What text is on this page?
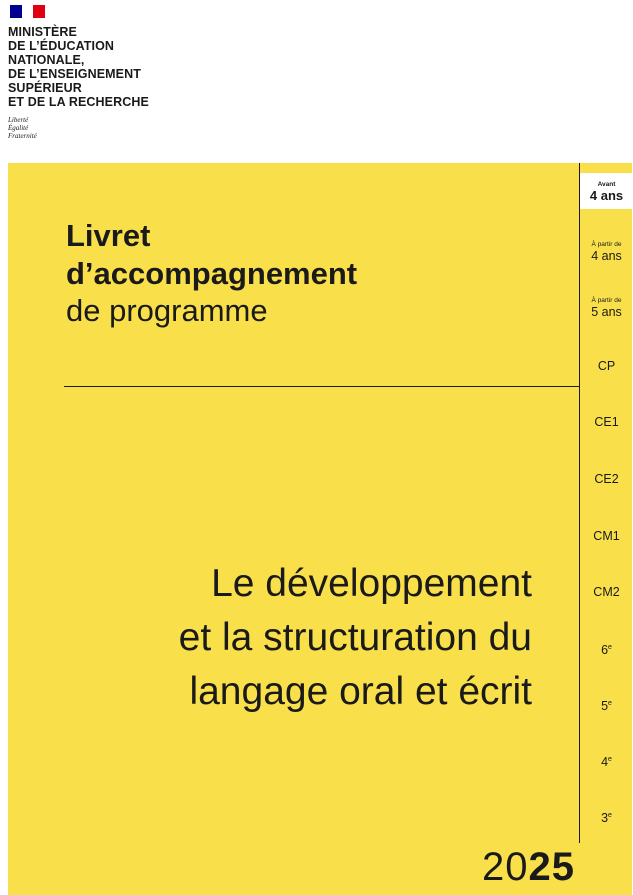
MINISTÈRE
DE L’ÉDUCATION
NATIONALE,
DE L’ENSEIGNEMENT
SUPÉRIEUR
ET DE LA RECHERCHE
Liberté
Égalité
Fraternité
Livret
d’accompagnement
de programme
Le développement
et la structuration du
langage oral et écrit
Avant
4 ans
À partir de
4 ans
À partir de
5 ans
CP
CE1
CE2
CM1
CM2
6e
5e
4e
3e
2025
